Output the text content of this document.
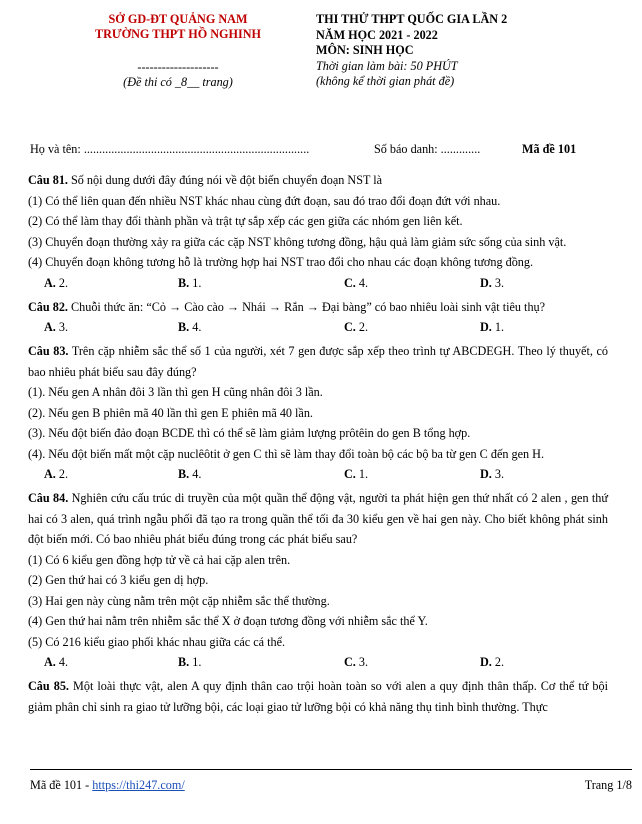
SỞ GD-ĐT QUẢNG NAM
TRƯỜNG THPT HỒ NGHINH
--------------------
(Đề thi có _8__ trang)
THI THỬ THPT QUỐC GIA LẦN 2
NĂM HỌC 2021 - 2022
MÔN: SINH HỌC
Thời gian làm bài: 50 PHÚT
(không kể thời gian phát đề)
Họ và tên: ..........................................................................	Số báo danh: .............	Mã đề 101
Câu 81. Số nội dung dưới đây đúng nói về đột biến chuyển đoạn NST là
(1) Có thể liên quan đến nhiều NST khác nhau cùng đứt đoạn, sau đó trao đổi đoạn đứt với nhau.
(2) Có thể làm thay đổi thành phần và trật tự sắp xếp các gen giữa các nhóm gen liên kết.
(3) Chuyển đoạn thường xảy ra giữa các cặp NST không tương đồng, hậu quả làm giảm sức sống của sinh vật.
(4) Chuyển đoạn không tương hỗ là trường hợp hai NST trao đổi cho nhau các đoạn không tương đồng.
A. 2.	B. 1.	C. 4.	D. 3.
Câu 82. Chuỗi thức ăn: “Cỏ → Cào cào → Nhái → Rắn → Đại bàng” có bao nhiêu loài sinh vật tiêu thụ?
A. 3.	B. 4.	C. 2.	D. 1.
Câu 83. Trên cặp nhiễm sắc thể số 1 của người, xét 7 gen được sắp xếp theo trình tự ABCDEGH. Theo lý thuyết, có bao nhiêu phát biểu sau đây đúng?
(1). Nếu gen A nhân đôi 3 lần thì gen H cũng nhân đôi 3 lần.
(2). Nếu gen B phiên mã 40 lần thì gen E phiên mã 40 lần.
(3). Nếu đột biến đảo đoạn BCDE thì có thể sẽ làm giảm lượng prôtêin do gen B tổng hợp.
(4). Nếu đột biến mất một cặp nuclêôtit ở gen C thì sẽ làm thay đổi toàn bộ các bộ ba từ gen C đến gen H.
A. 2.	B. 4.	C. 1.	D. 3.
Câu 84. Nghiên cứu cấu trúc di truyền của một quần thể động vật, người ta phát hiện gen thứ nhất có 2 alen , gen thứ hai có 3 alen, quá trình ngẫu phối đã tạo ra trong quần thể tối đa 30 kiểu gen về hai gen này. Cho biết không phát sinh đột biến mới. Có bao nhiêu phát biểu đúng trong các phát biểu sau?
(1) Có 6 kiểu gen đồng hợp tử về cả hai cặp alen trên.
(2) Gen thứ hai có 3 kiểu gen dị hợp.
(3) Hai gen này cùng nằm trên một cặp nhiễm sắc thể thường.
(4) Gen thứ hai nằm trên nhiễm sắc thể X ở đoạn tương đồng với nhiễm sắc thể Y.
(5) Có 216 kiểu giao phối khác nhau giữa các cá thể.
A. 4.	B. 1.	C. 3.	D. 2.
Câu 85. Một loài thực vật, alen A quy định thân cao trội hoàn toàn so với alen a quy định thân thấp. Cơ thể tứ bội giảm phân chỉ sinh ra giao tử lưỡng bội, các loại giao tử lưỡng bội có khả năng thụ tinh bình thường. Thực
Mã đề 101 - https://thi247.com/	Trang 1/8
